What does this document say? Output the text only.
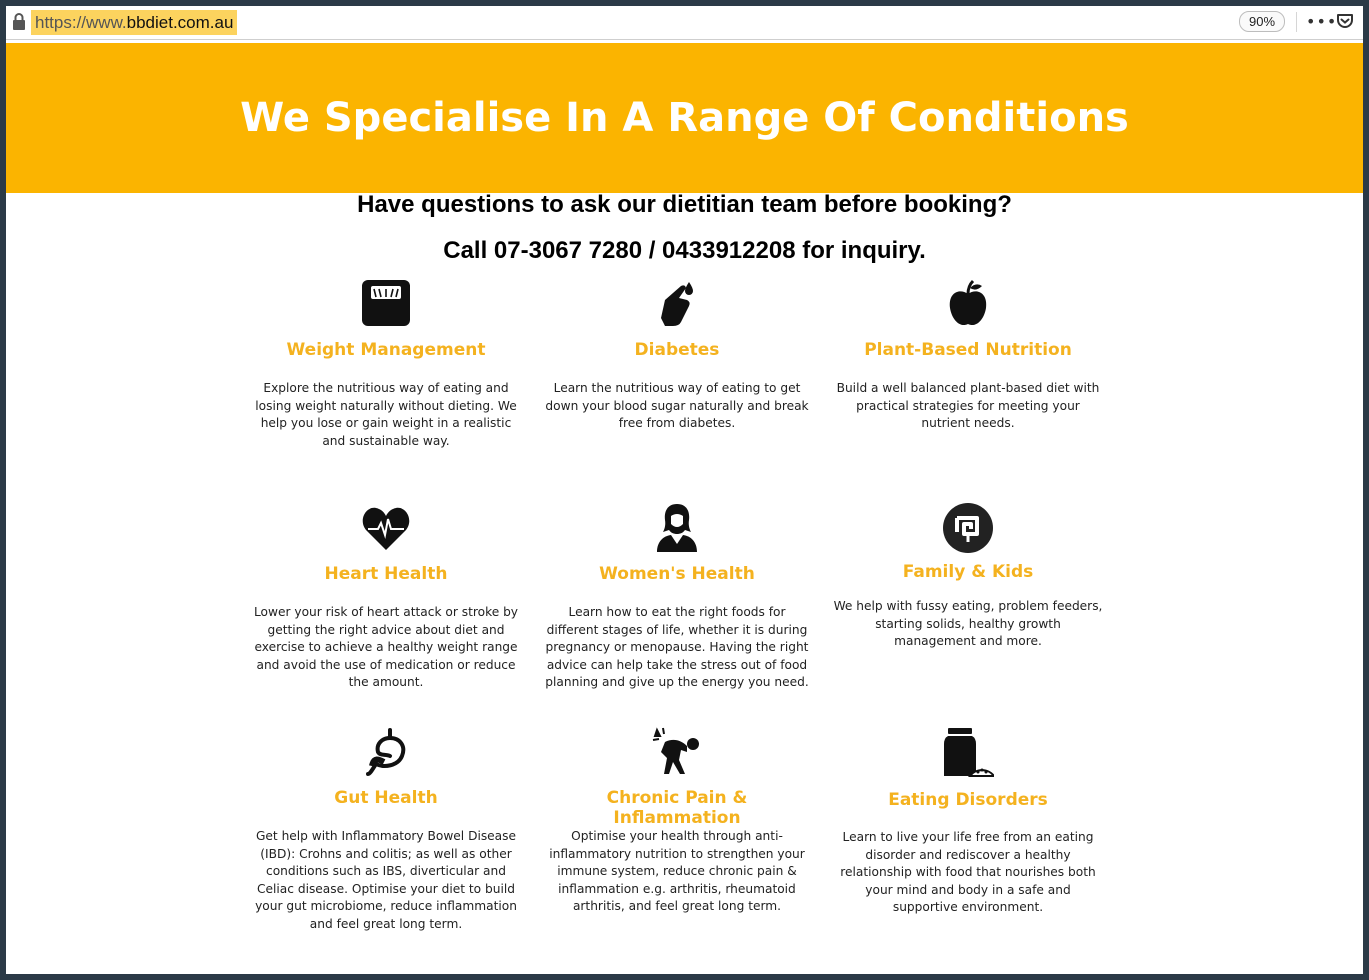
https://www.bbdiet.com.au	90%	•••
We Specialise In A Range Of Conditions
Have questions to ask our dietitian team before booking?
Call 07-3067 7280 / 0433912208 for inquiry.

Weight Management

Explore the nutritious way of eating and losing weight naturally without dieting. We help you lose or gain weight in a realistic and sustainable way.

Diabetes

Learn the nutritious way of eating to get down your blood sugar naturally and break free from diabetes.

Plant-Based Nutrition

Build a well balanced plant-based diet with practical strategies for meeting your nutrient needs.

Heart Health

Lower your risk of heart attack or stroke by getting the right advice about diet and exercise to achieve a healthy weight range and avoid the use of medication or reduce the amount.

Women's Health

Learn how to eat the right foods for different stages of life, whether it is during pregnancy or menopause. Having the right advice can help take the stress out of food planning and give up the energy you need.

Family & Kids

We help with fussy eating, problem feeders, starting solids, healthy growth management and more.

Gut Health

Get help with Inflammatory Bowel Disease (IBD): Crohns and colitis; as well as other conditions such as IBS, diverticular and Celiac disease. Optimise your diet to build your gut microbiome, reduce inflammation and feel great long term.

Chronic Pain & Inflammation

Optimise your health through anti-inflammatory nutrition to strengthen your immune system, reduce chronic pain & inflammation e.g. arthritis, rheumatoid arthritis, and feel great long term.

Eating Disorders

Learn to live your life free from an eating disorder and rediscover a healthy relationship with food that nourishes both your mind and body in a safe and supportive environment.
